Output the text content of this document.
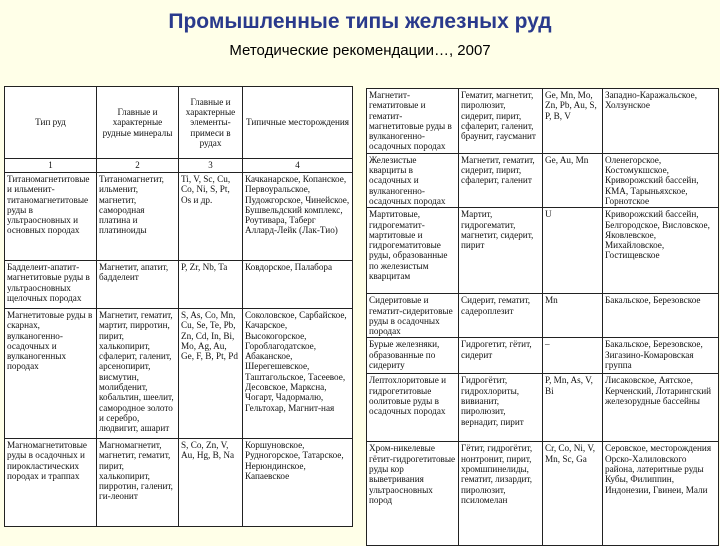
Промышленные типы железных руд
Методические рекомендации…, 2007
Тип руд	Главные и характерные рудные минералы	Главные и характерные элементы-примеси в рудах	Типичные месторождения
1	2	3	4
Титаномагнетитовые и ильменит-титаномагнетитовые руды в ультраосновных и основных породах	Титаномагнетит, ильменит, магнетит, самородная платина и платиноиды	Ti, V, Sc, Cu, Co, Ni, S, Pt, Os и др.	Качканарское, Копанское, Первоуральское, Пудожгорское, Чинейское, Бушвельдский комплекс, Роутивара, Таберг Аллард-Лейк (Лак-Тио)
Бадделеит-апатит-магнетитовые руды в ультраосновных щелочных породах	Магнетит, апатит, бадделеит	P, Zr, Nb, Ta	Ковдорское, Палабора
Магнетитовые руды в скарнах, вулканогенно-осадочных и вулканогенных породах	Магнетит, гематит, мартит, пирротин, пирит, халькопирит, сфалерит, галенит, арсенопирит, висмутин, молибденит, кобальтин, шеелит, самородное золото и серебро, людвигит, ашарит	S, As, Co, Mn, Cu, Se, Te, Pb, Zn, Cd, In, Bi, Mo, Ag, Au, Ge, F, B, Pt, Pd	Соколовское, Сарбайское, Качарское, Высокогорское, Гороблагодатское, Абаканское, Шерегешевское, Таштагольское, Тасеевое, Десовское, Марксна, Чогарт, Чадормалю, Гельтохар, Магнит-ная
Магномагнетитовые руды в осадочных и пирокластических породах и траппах	Магномагнетит, магнетит, гематит, пирит, халькопирит, пирротин, галенит, ги-леонит	S, Co, Zn, V, Au, Hg, B, Na	Коршуновское, Рудногорское, Татарское, Нерюндинское, Капаевское
Магнетит-гематитовые и гематит-магнетитовые руды в вулканогенно-осадочных породах	Гематит, магнетит, пиролюзит, сидерит, пирит, сфалерит, галенит, браунит, гаусманит	Ge, Mn, Mo, Zn, Pb, Au, S, P, B, V	Западно-Каражальское, Холзунское
Железистые кварциты в осадочных и вулканогенно-осадочных породах	Магнетит, гематит, сидерит, пирит, сфалерит, галенит	Ge, Au, Mn	Оленегорское, Костомукшское, Криворожский бассейн, КМА, Тарыньяхское, Горнотское
Мартитовые, гидрогематит-мартитовые и гидрогематитовые руды, образованные по железистым кварцитам	Мартит, гидрогематит, магнетит, сидерит, пирит	U	Криворожский бассейн, Белгородское, Висловское, Яковлевское, Михайловское, Гостищевское
Сидеритовые и гематит-сидеритовые руды в осадочных породах	Сидерит, гематит, садероплезит	Mn	Бакальское, Березовское
Бурые железняки, образованные по сидериту	Гидрогетит, гётит, сидерит	–	Бакальское, Березовское, Зигазино-Комаровская группа
Лептохлоритовые и гидрогетитовые оолитовые руды в осадочных породах	Гидрогётит, гидрохлориты, вивианит, пиролюзит, вернадит, пирит	P, Mn, As, V, Bi	Лисаковское, Аятское, Керченский, Лотарингский железорудные бассейны
Хром-никелевые гётит-гидрогетитовые руды кор выветривания ультраосновных пород	Гётит, гидрогётит, нонтронит, пирит, хромшпинелиды, гематит, лизардит, пиролюзит, псиломелан	Cr, Co, Ni, V, Mn, Sc, Ga	Серовское, месторождения Орско-Халиловского района, латеритные руды Кубы, Филиппин, Индонезии, Гвинеи, Мали
